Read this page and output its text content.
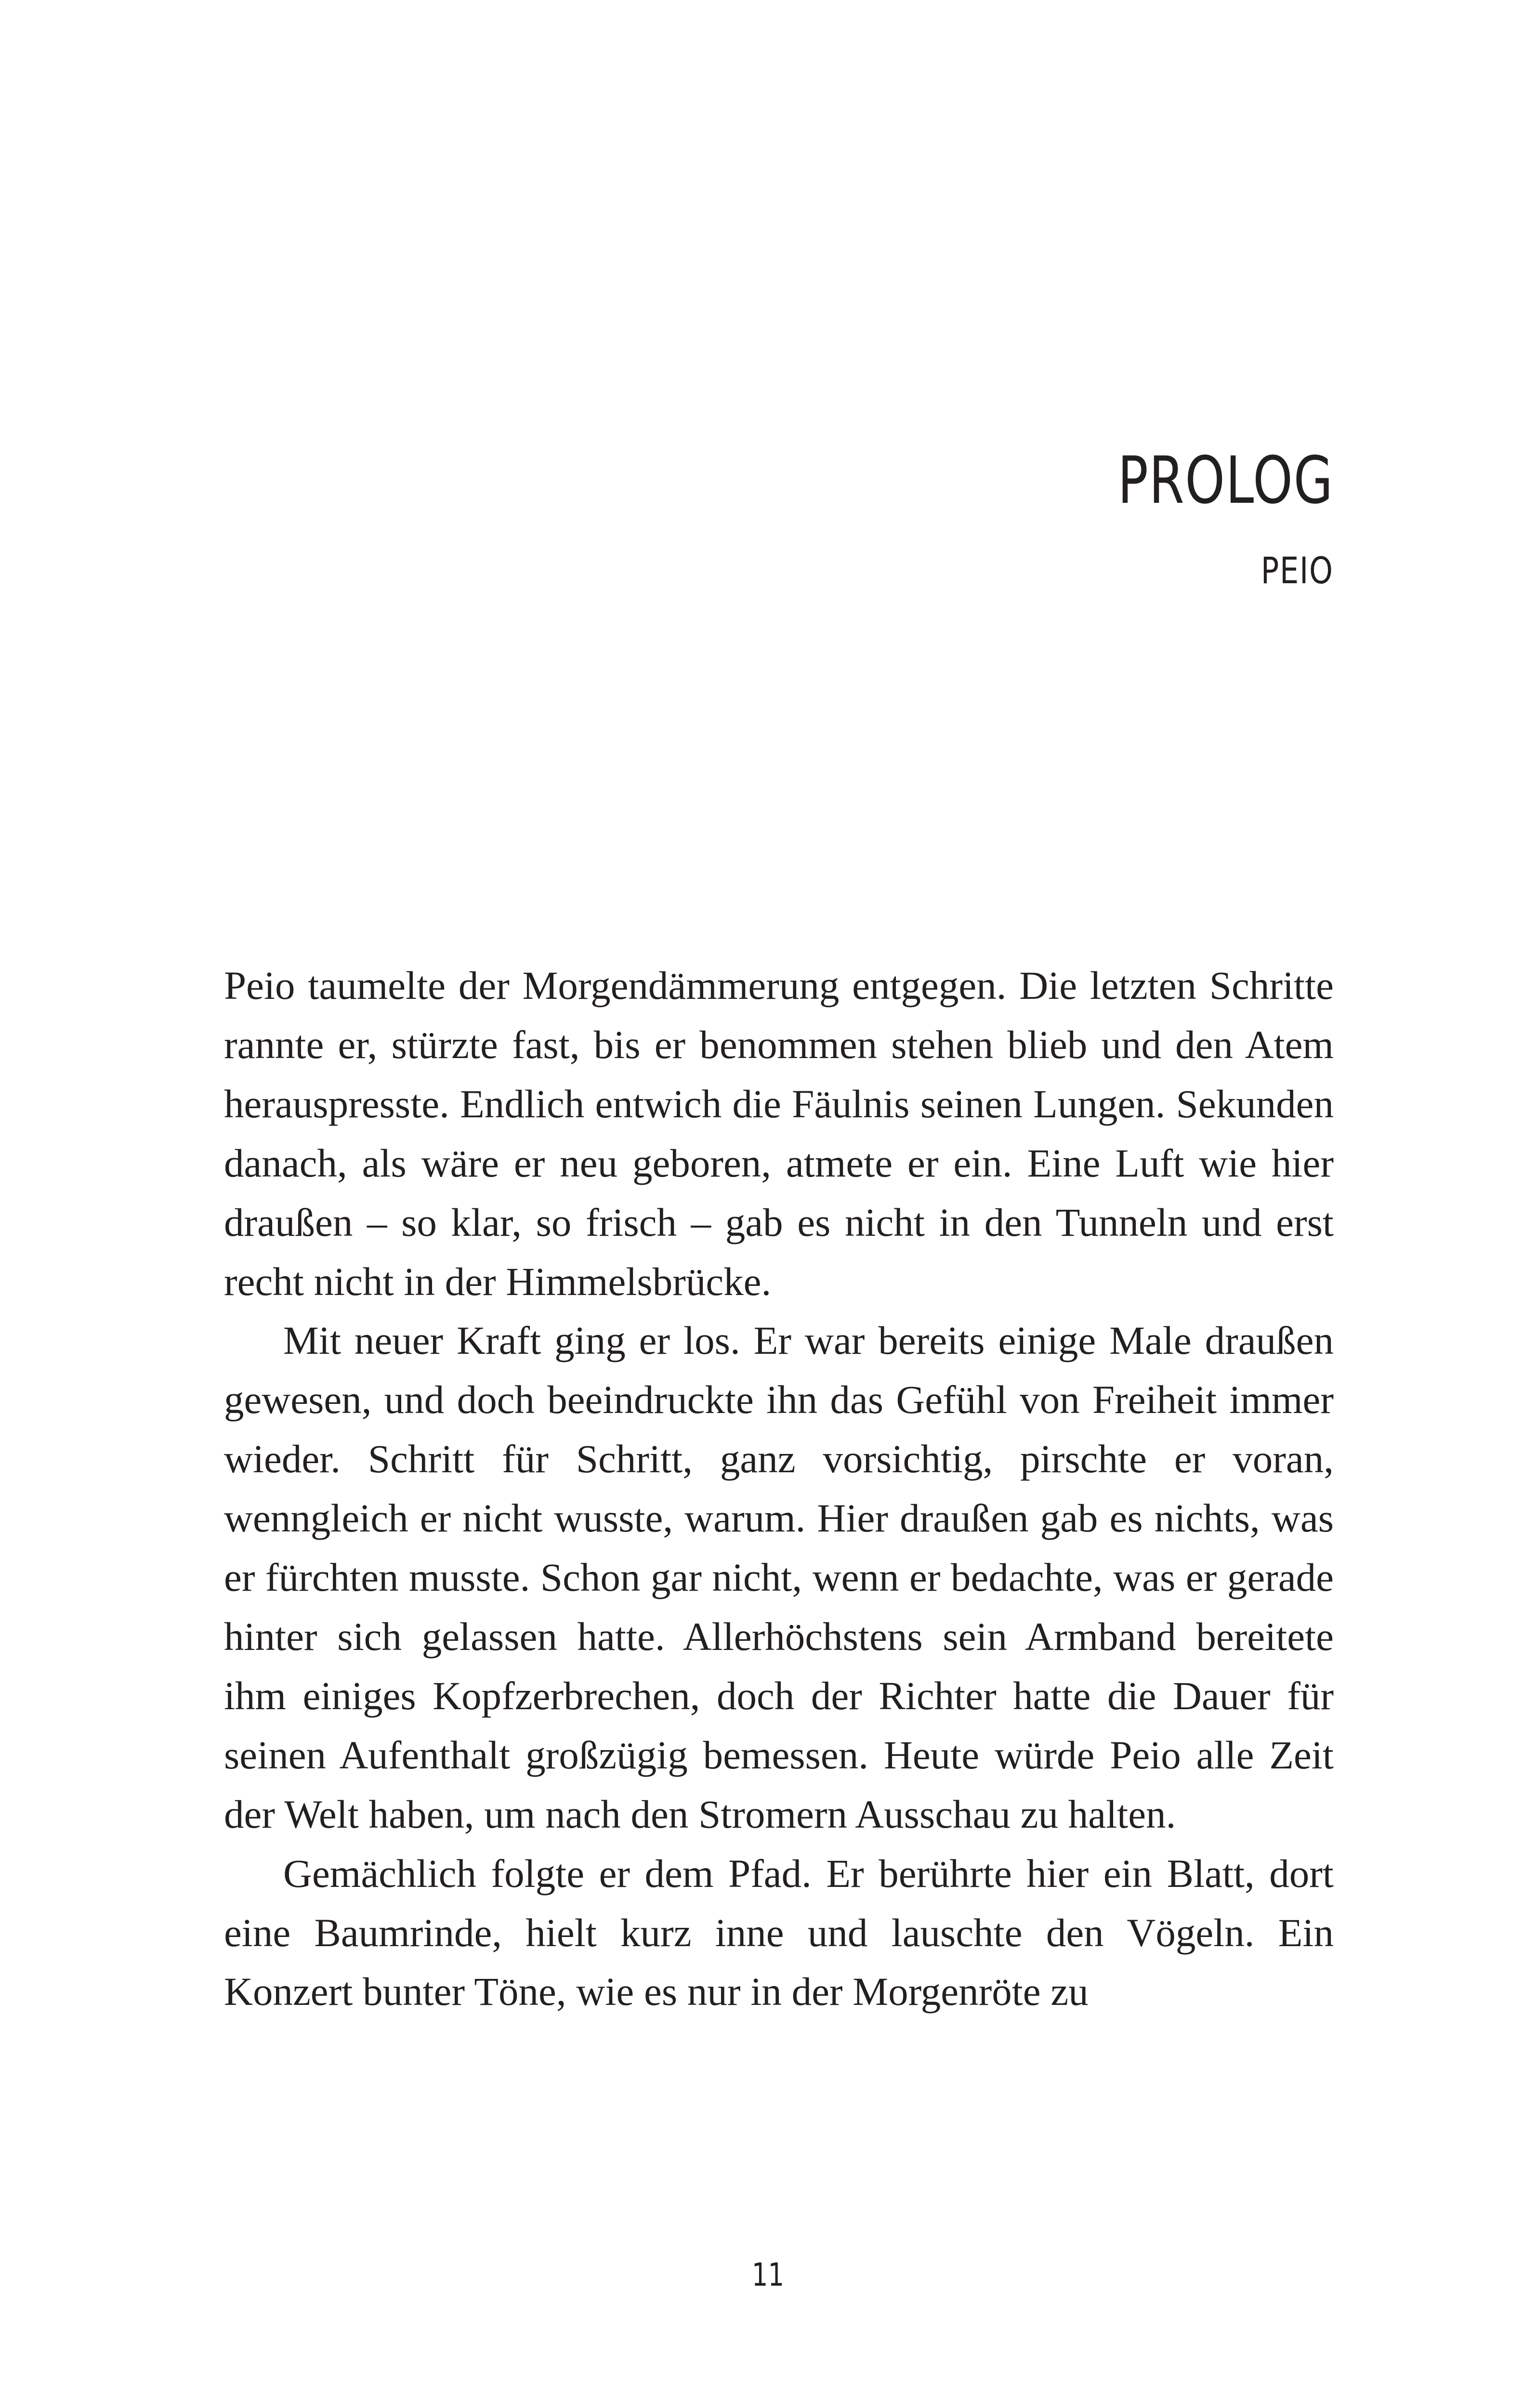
PROLOG
PEIO

Peio taumelte der Morgendämmerung entgegen. Die letzten Schritte rannte er, stürzte fast, bis er benommen stehen blieb und den Atem herauspresste. Endlich entwich die Fäulnis seinen Lungen. Sekunden danach, als wäre er neu geboren, atmete er ein. Eine Luft wie hier draußen – so klar, so frisch – gab es nicht in den Tunneln und erst recht nicht in der Himmelsbrücke.

Mit neuer Kraft ging er los. Er war bereits einige Male draußen gewesen, und doch beeindruckte ihn das Gefühl von Freiheit immer wieder. Schritt für Schritt, ganz vorsichtig, pirschte er voran, wenngleich er nicht wusste, warum. Hier draußen gab es nichts, was er fürchten musste. Schon gar nicht, wenn er bedachte, was er gerade hinter sich gelassen hatte. Allerhöchstens sein Armband bereitete ihm einiges Kopfzerbrechen, doch der Richter hatte die Dauer für seinen Aufenthalt großzügig bemessen. Heute würde Peio alle Zeit der Welt haben, um nach den Stromern Ausschau zu halten.

Gemächlich folgte er dem Pfad. Er berührte hier ein Blatt, dort eine Baumrinde, hielt kurz inne und lauschte den Vögeln. Ein Konzert bunter Töne, wie es nur in der Morgenröte zu

11
